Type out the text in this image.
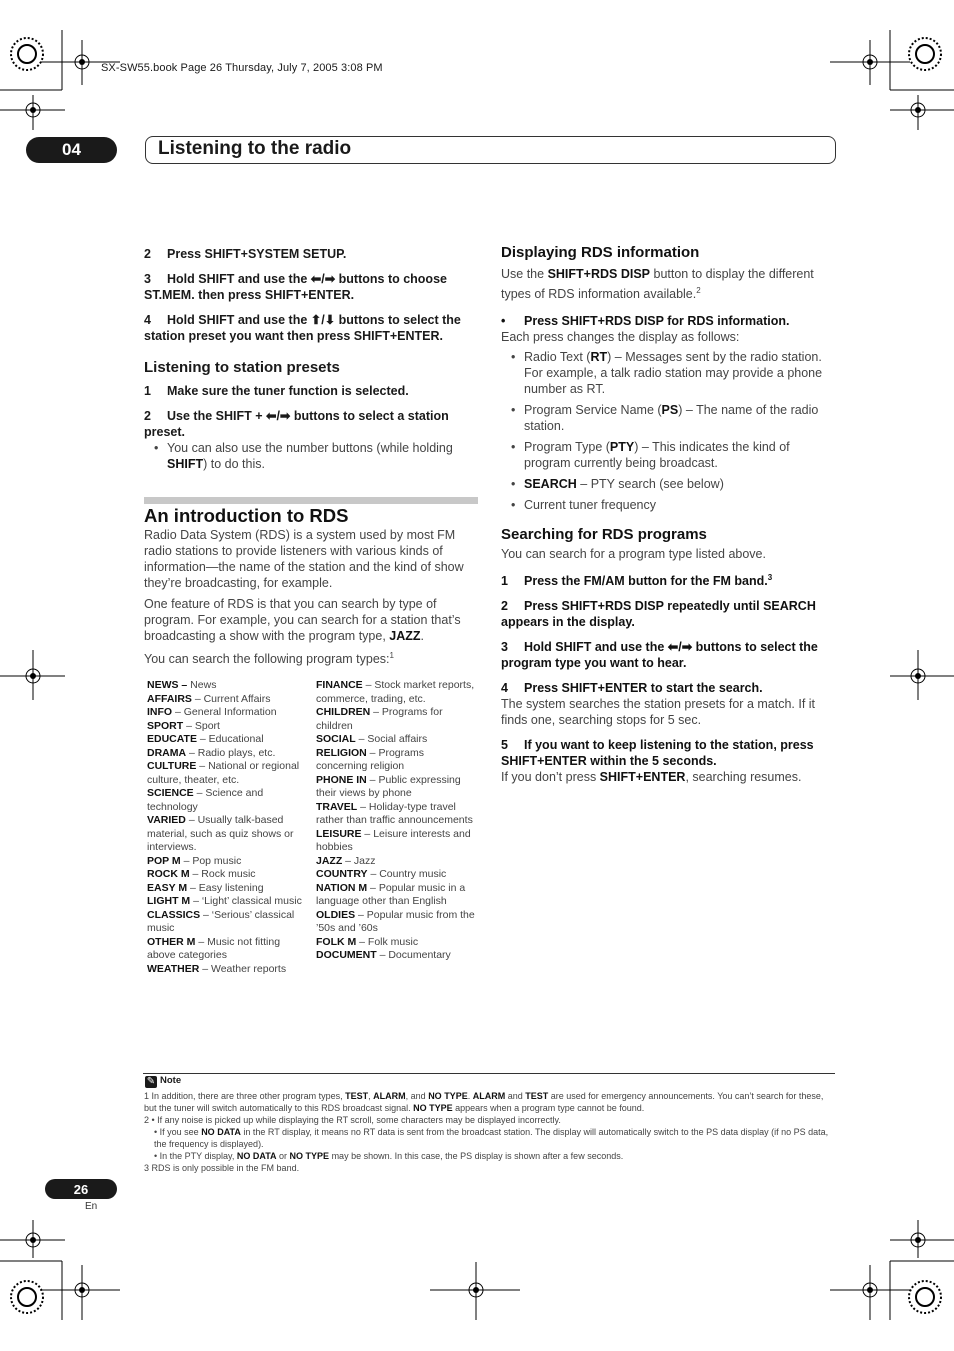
SX-SW55.book Page 26 Thursday, July 7, 2005 3:08 PM
04	Listening to the radio

2 Press SHIFT+SYSTEM SETUP.

3 Hold SHIFT and use the ⬅/➡ buttons to choose ST.MEM. then press SHIFT+ENTER.

4 Hold SHIFT and use the ⬆/⬇ buttons to select the station preset you want then press SHIFT+ENTER.

Listening to station presets

1 Make sure the tuner function is selected.

2 Use the SHIFT + ⬅/➡ buttons to select a station preset.

• You can also use the number buttons (while holding SHIFT) to do this.

An introduction to RDS

Radio Data System (RDS) is a system used by most FM radio stations to provide listeners with various kinds of information—the name of the station and the kind of show they’re broadcasting, for example.

One feature of RDS is that you can search by type of program. For example, you can search for a station that’s broadcasting a show with the program type, JAZZ.

You can search the following program types:$^1$

NEWS – News
AFFAIRS – Current Affairs
INFO – General Information
SPORT – Sport
EDUCATE – Educational
DRAMA – Radio plays, etc.
CULTURE – National or regional culture, theater, etc.
SCIENCE – Science and technology
VARIED – Usually talk-based material, such as quiz shows or interviews.
POP M – Pop music
ROCK M – Rock music
EASY M – Easy listening
LIGHT M – ‘Light’ classical music
CLASSICS – ‘Serious’ classical music
OTHER M – Music not fitting above categories
WEATHER – Weather reports
FINANCE – Stock market reports, commerce, trading, etc.
CHILDREN – Programs for children
SOCIAL – Social affairs
RELIGION – Programs concerning religion
PHONE IN – Public expressing their views by phone
TRAVEL – Holiday-type travel rather than traffic announcements
LEISURE – Leisure interests and hobbies
JAZZ – Jazz
COUNTRY – Country music
NATION M – Popular music in a language other than English
OLDIES – Popular music from the ’50s and ’60s
FOLK M – Folk music
DOCUMENT – Documentary

Displaying RDS information

Use the SHIFT+RDS DISP button to display the different types of RDS information available.$^2$

• Press SHIFT+RDS DISP for RDS information.

Each press changes the display as follows:

• Radio Text (RT) – Messages sent by the radio station. For example, a talk radio station may provide a phone number as RT.
• Program Service Name (PS) – The name of the radio station.
• Program Type (PTY) – This indicates the kind of program currently being broadcast.
• SEARCH – PTY search (see below)
• Current tuner frequency

Searching for RDS programs

You can search for a program type listed above.

1 Press the FM/AM button for the FM band.$^3$

2 Press SHIFT+RDS DISP repeatedly until SEARCH appears in the display.

3 Hold SHIFT and use the ⬅/➡ buttons to select the program type you want to hear.

4 Press SHIFT+ENTER to start the search.

The system searches the station presets for a match. If it finds one, searching stops for 5 sec.

5 If you want to keep listening to the station, press SHIFT+ENTER within the 5 seconds.

If you don’t press SHIFT+ENTER, searching resumes.

✎ Note
1 In addition, there are three other program types, TEST, ALARM, and NO TYPE. ALARM and TEST are used for emergency announcements. You can’t search for these, but the tuner will switch automatically to this RDS broadcast signal. NO TYPE appears when a program type cannot be found.
2 • If any noise is picked up while displaying the RT scroll, some characters may be displayed incorrectly.
• If you see NO DATA in the RT display, it means no RT data is sent from the broadcast station. The display will automatically switch to the PS data display (if no PS data, the frequency is displayed).
• In the PTY display, NO DATA or NO TYPE may be shown. In this case, the PS display is shown after a few seconds.
3 RDS is only possible in the FM band.
26
En
